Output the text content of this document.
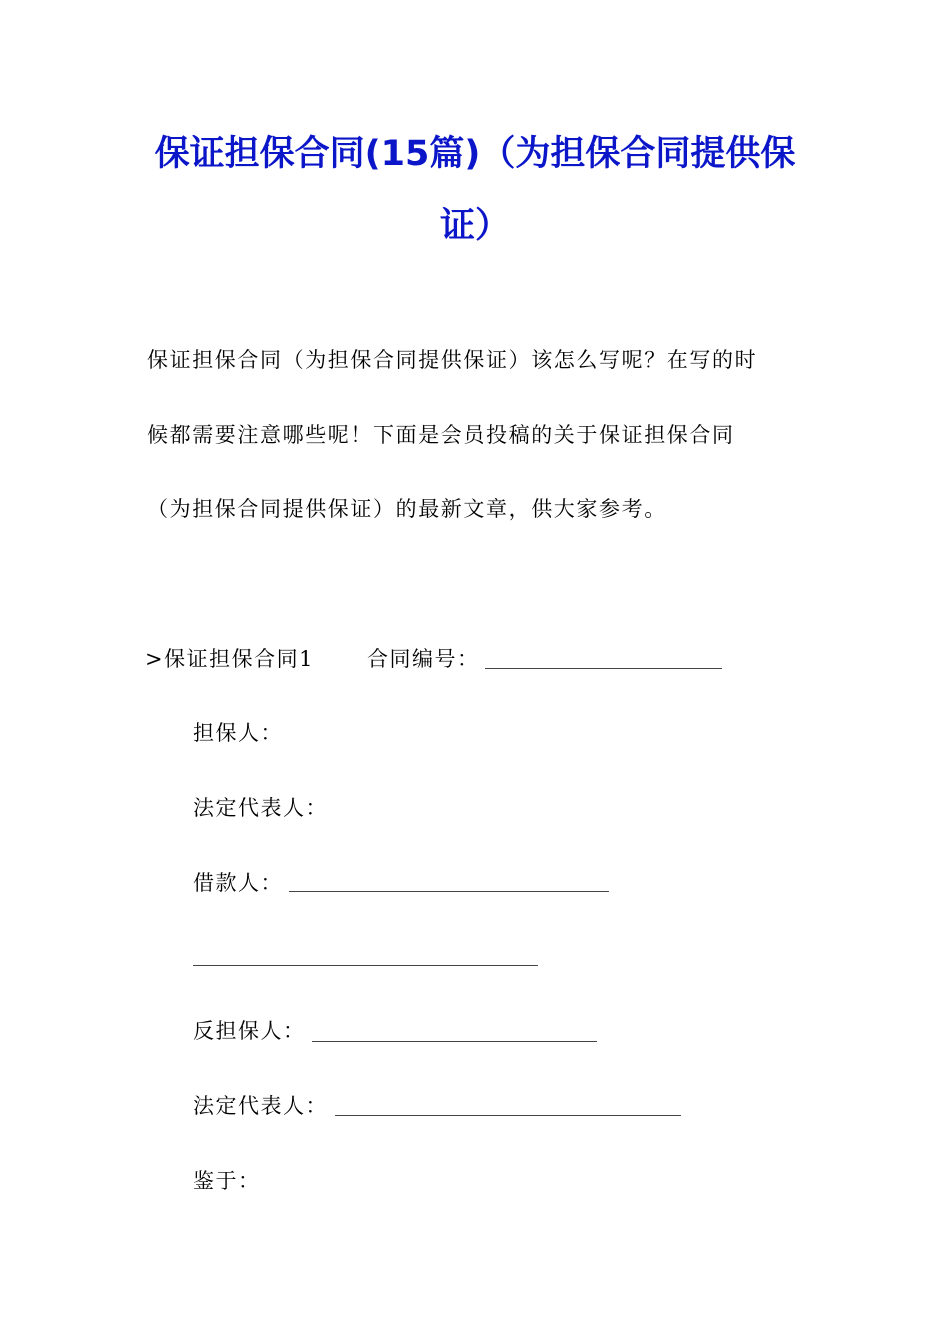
保证担保合同(15篇)（为担保合同提供保
证）

保证担保合同（为担保合同提供保证）该怎么写呢？在写的时

候都需要注意哪些呢！下面是会员投稿的关于保证担保合同

（为担保合同提供保证）的最新文章，供大家参考。

>保证担保合同1	合同编号：

担保人：

法定代表人：

借款人：

反担保人：

法定代表人：

鉴于：
